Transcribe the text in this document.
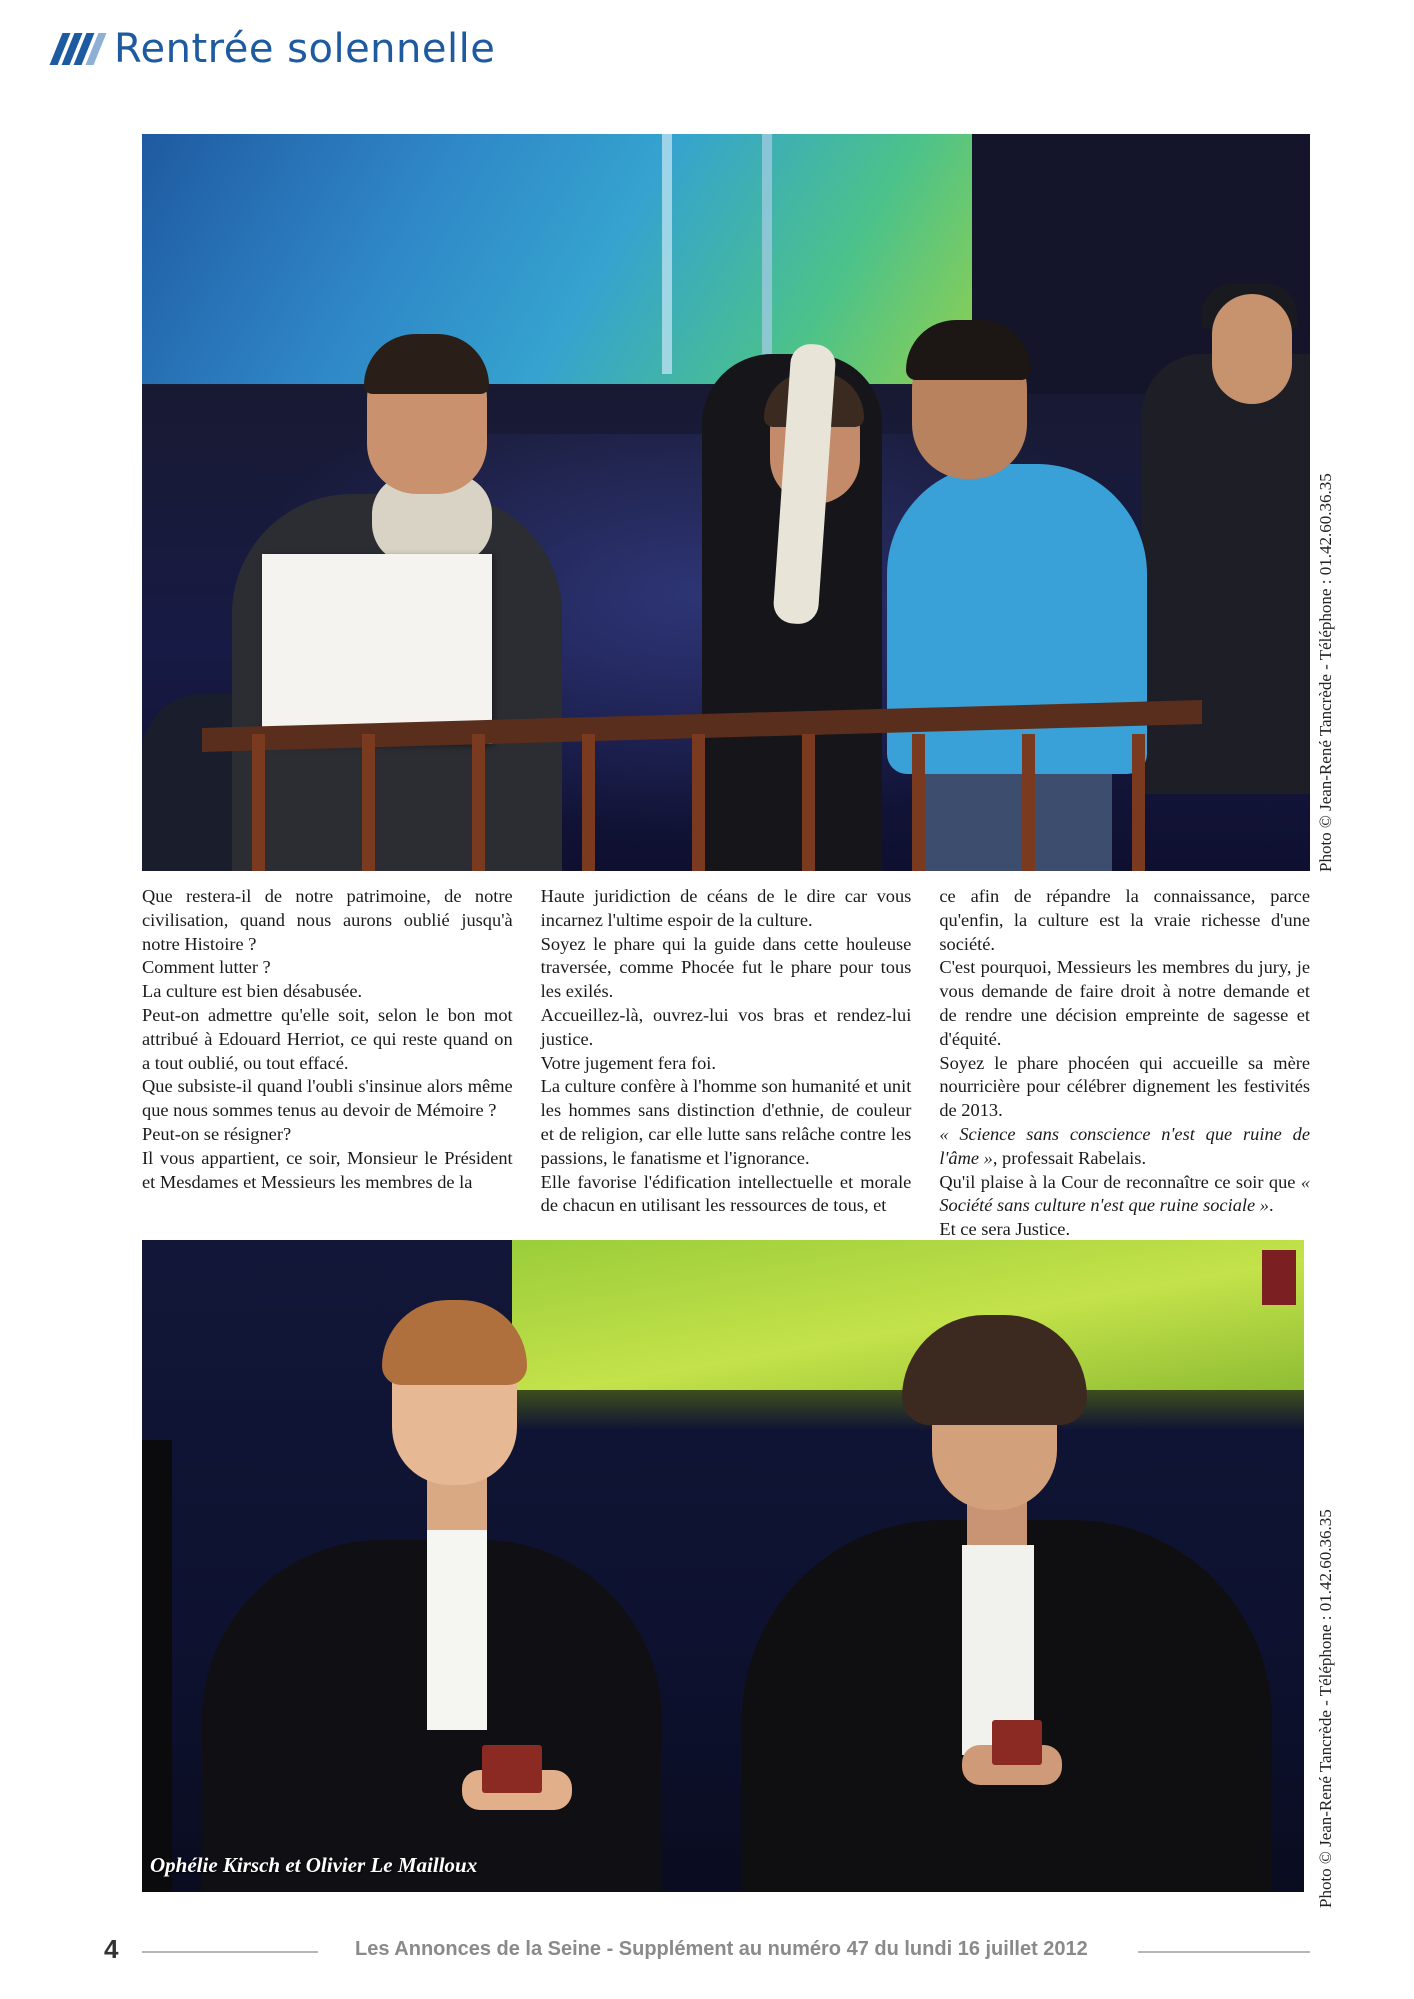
Rentrée solennelle
Photo © Jean-René Tancrède - Téléphone : 01.42.60.36.35

Que restera-il de notre patrimoine, de notre civilisation, quand nous aurons oublié jusqu'à notre Histoire ?

Comment lutter ?

La culture est bien désabusée.

Peut-on admettre qu'elle soit, selon le bon mot attribué à Edouard Herriot, ce qui reste quand on a tout oublié, ou tout effacé.

Que subsiste-il quand l'oubli s'insinue alors même que nous sommes tenus au devoir de Mémoire ?

Peut-on se résigner?

Il vous appartient, ce soir, Monsieur le Président et Mesdames et Messieurs les membres de la

Haute juridiction de céans de le dire car vous incarnez l'ultime espoir de la culture.

Soyez le phare qui la guide dans cette houleuse traversée, comme Phocée fut le phare pour tous les exilés.

Accueillez-là, ouvrez-lui vos bras et rendez-lui justice.

Votre jugement fera foi.

La culture confère à l'homme son humanité et unit les hommes sans distinction d'ethnie, de couleur et de religion, car elle lutte sans relâche contre les passions, le fanatisme et l'ignorance.

Elle favorise l'édification intellectuelle et morale de chacun en utilisant les ressources de tous, et

ce afin de répandre la connaissance, parce qu'enfin, la culture est la vraie richesse d'une société.

C'est pourquoi, Messieurs les membres du jury, je vous demande de faire droit à notre demande et de rendre une décision empreinte de sagesse et d'équité.

Soyez le phare phocéen qui accueille sa mère nourricière pour célébrer dignement les festivités de 2013.

« Science sans conscience n'est que ruine de l'âme », professait Rabelais.

Qu'il plaise à la Cour de reconnaître ce soir que « Société sans culture n'est que ruine sociale ».

Et ce sera Justice.

Ophélie Kirsch et Olivier Le Mailloux	Photo © Jean-René Tancrède - Téléphone : 01.42.60.36.35
4	Les Annonces de la Seine - Supplément au numéro 47 du lundi 16 juillet 2012
